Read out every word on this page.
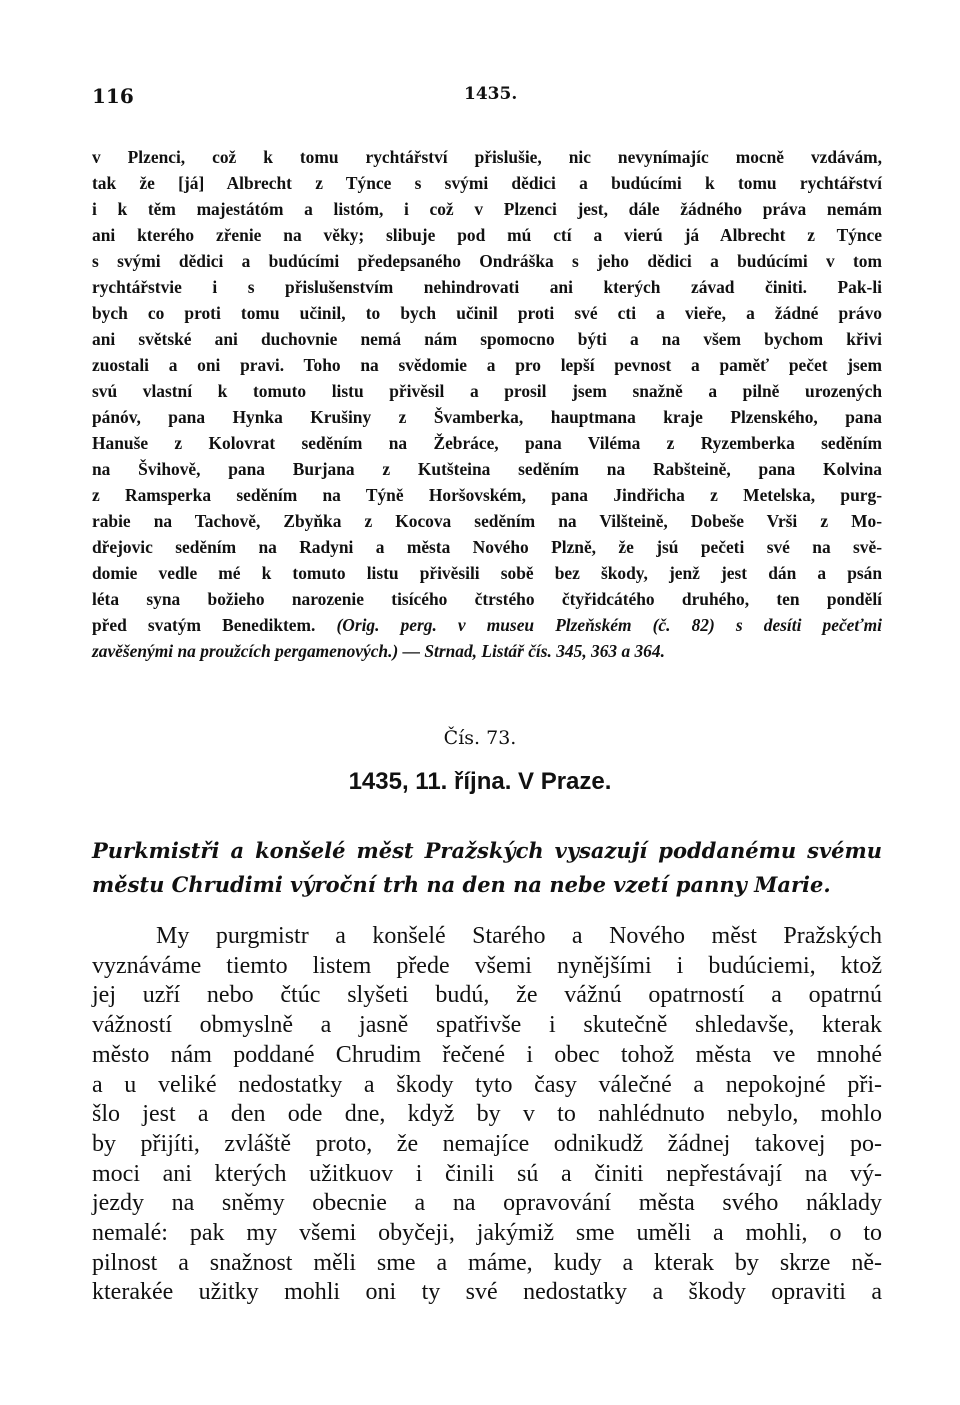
116	1435.
v Plzenci, což k tomu rychtářství přislušie, nic nevynímajíc mocně vzdávám,
tak že [já] Albrecht z Týnce s svými dědici a budúcími k tomu rychtářství
i k těm majestátóm a listóm, i což v Plzenci jest, dále žádného práva nemám
ani kterého zřenie na věky; slibuje pod mú ctí a vierú já Albrecht z Týnce
s svými dědici a budúcími předepsaného Ondráška s jeho dědici a budúcími v tom
rychtářstvie i s přislušenstvím nehindrovati ani kterých závad činiti. Pak-li
bych co proti tomu učinil, to bych učinil proti své cti a vieře, a žádné právo
ani světské ani duchovnie nemá nám spomocno býti a na všem bychom křivi
zuostali a oni pravi. Toho na svědomie a pro lepší pevnost a paměť pečet jsem
svú vlastní k tomuto listu přivěsil a prosil jsem snažně a pilně urozených
pánóv, pana Hynka Krušiny z Švamberka, hauptmana kraje Plzenského, pana
Hanuše z Kolovrat seděním na Žebráce, pana Viléma z Ryzemberka seděním
na Švihově, pana Burjana z Kutšteina seděním na Rabšteině, pana Kolvina
z Ramsperka seděním na Týně Horšovském, pana Jindřicha z Metelska, purg-
rabie na Tachově, Zbyňka z Kocova seděním na Vilšteině, Dobeše Vrši z Mo-
dřejovic seděním na Radyni a města Nového Plzně, že jsú pečeti své na svě-
domie vedle mé k tomuto listu přivěsili sobě bez škody, jenž jest dán a psán
léta syna božieho narozenie tisícého čtrstého čtyřidcátého druhého, ten pondělí
před svatým Benediktem. (Orig. perg. v museu Plzeňském (č. 82) s desíti pečeťmi
zavěšenými na proužcích pergamenových.) — Strnad, Listář čís. 345, 363 a 364.
Čís. 73.
1435, 11. října. V Praze.
Purkmistři a konšelé měst Pražských vysazují poddanému svému
městu Chrudimi výroční trh na den na nebe vzetí panny Marie.
My purgmistr a konšelé Starého a Nového měst Pražských
vyznáváme tiemto listem přede všemi nynějšími i budúciemi, ktož
jej uzří nebo čtúc slyšeti budú, že vážnú opatrností a opatrnú
vážností obmyslně a jasně spatřivše i skutečně shledavše, kterak
město nám poddané Chrudim řečené i obec tohož města ve mnohé
a u veliké nedostatky a škody tyto časy válečné a nepokojné při-
šlo jest a den ode dne, když by v to nahlédnuto nebylo, mohlo
by přijíti, zvláště proto, že nemajíce odnikudž žádnej takovej po-
moci ani kterých užitkuov i činili sú a činiti nepřestávají na vý-
jezdy na sněmy obecnie a na opravování města svého náklady
nemalé: pak my všemi obyčeji, jakýmiž sme uměli a mohli, o to
pilnost a snažnost měli sme a máme, kudy a kterak by skrze ně-
kterakée užitky mohli oni ty své nedostatky a škody opraviti a
